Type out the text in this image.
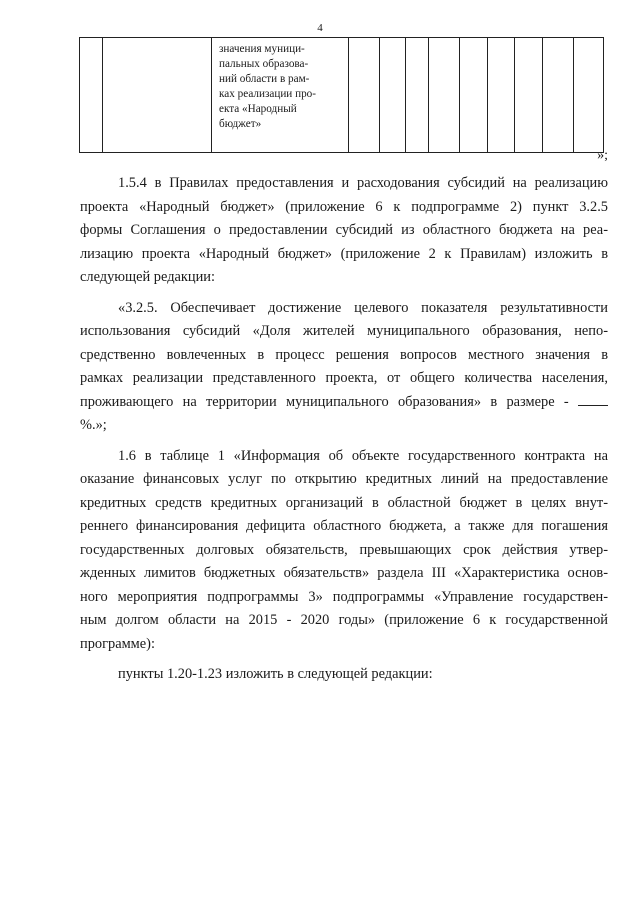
4

значения муници-
пальных образова-
ний области в рам-
ках реализации про-
екта «Народный
бюджет»

»;
1.5.4 в Правилах предоставления и расходования субсидий на реализацию
проекта «Народный бюджет» (приложение 6 к подпрограмме 2) пункт 3.2.5
формы Соглашения о предоставлении субсидий из областного бюджета на реа-
лизацию проекта «Народный бюджет» (приложение 2 к Правилам) изложить в
следующей редакции:
«3.2.5. Обеспечивает достижение целевого показателя результативности
использования субсидий «Доля жителей муниципального образования, непо-
средственно вовлеченных в процесс решения вопросов местного значения в
рамках реализации представленного проекта, от общего количества населения,
проживающего на территории муниципального образования» в размере -
%.»;
1.6 в таблице 1 «Информация об объекте государственного контракта на
оказание финансовых услуг по открытию кредитных линий на предоставление
кредитных средств кредитных организаций в областной бюджет в целях внут-
реннего финансирования дефицита областного бюджета, а также для погашения
государственных долговых обязательств, превышающих срок действия утвер-
жденных лимитов бюджетных обязательств» раздела III «Характеристика основ-
ного мероприятия подпрограммы 3» подпрограммы «Управление государствен-
ным долгом области на 2015 - 2020 годы» (приложение 6 к государственной
программе):
пункты 1.20-1.23 изложить в следующей редакции:
